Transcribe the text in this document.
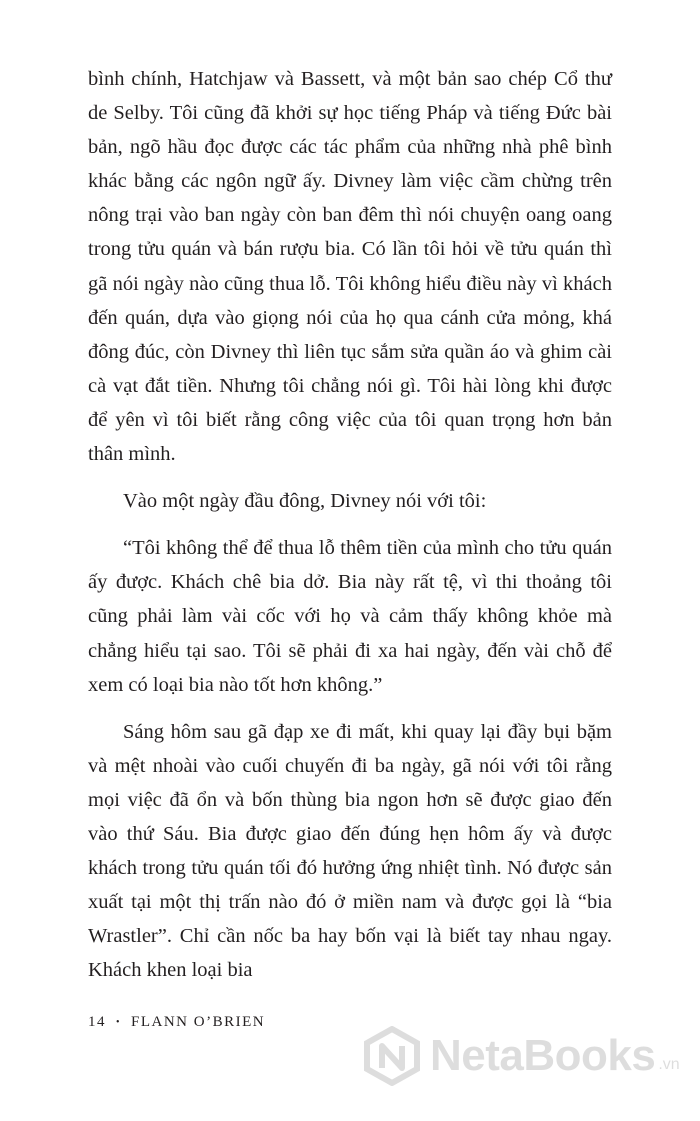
bình chính, Hatchjaw và Bassett, và một bản sao chép Cổ thư de Selby. Tôi cũng đã khởi sự học tiếng Pháp và tiếng Đức bài bản, ngõ hầu đọc được các tác phẩm của những nhà phê bình khác bằng các ngôn ngữ ấy. Divney làm việc cầm chừng trên nông trại vào ban ngày còn ban đêm thì nói chuyện oang oang trong tửu quán và bán rượu bia. Có lần tôi hỏi về tửu quán thì gã nói ngày nào cũng thua lỗ. Tôi không hiểu điều này vì khách đến quán, dựa vào giọng nói của họ qua cánh cửa mỏng, khá đông đúc, còn Divney thì liên tục sắm sửa quần áo và ghim cài cà vạt đắt tiền. Nhưng tôi chẳng nói gì. Tôi hài lòng khi được để yên vì tôi biết rằng công việc của tôi quan trọng hơn bản thân mình.

Vào một ngày đầu đông, Divney nói với tôi:

“Tôi không thể để thua lỗ thêm tiền của mình cho tửu quán ấy được. Khách chê bia dở. Bia này rất tệ, vì thi thoảng tôi cũng phải làm vài cốc với họ và cảm thấy không khỏe mà chẳng hiểu tại sao. Tôi sẽ phải đi xa hai ngày, đến vài chỗ để xem có loại bia nào tốt hơn không.”

Sáng hôm sau gã đạp xe đi mất, khi quay lại đầy bụi bặm và mệt nhoài vào cuối chuyến đi ba ngày, gã nói với tôi rằng mọi việc đã ổn và bốn thùng bia ngon hơn sẽ được giao đến vào thứ Sáu. Bia được giao đến đúng hẹn hôm ấy và được khách trong tửu quán tối đó hưởng ứng nhiệt tình. Nó được sản xuất tại một thị trấn nào đó ở miền nam và được gọi là “bia Wrastler”. Chỉ cần nốc ba hay bốn vại là biết tay nhau ngay. Khách khen loại bia

14 • FLANN O’BRIEN
NetaBooks .vn
